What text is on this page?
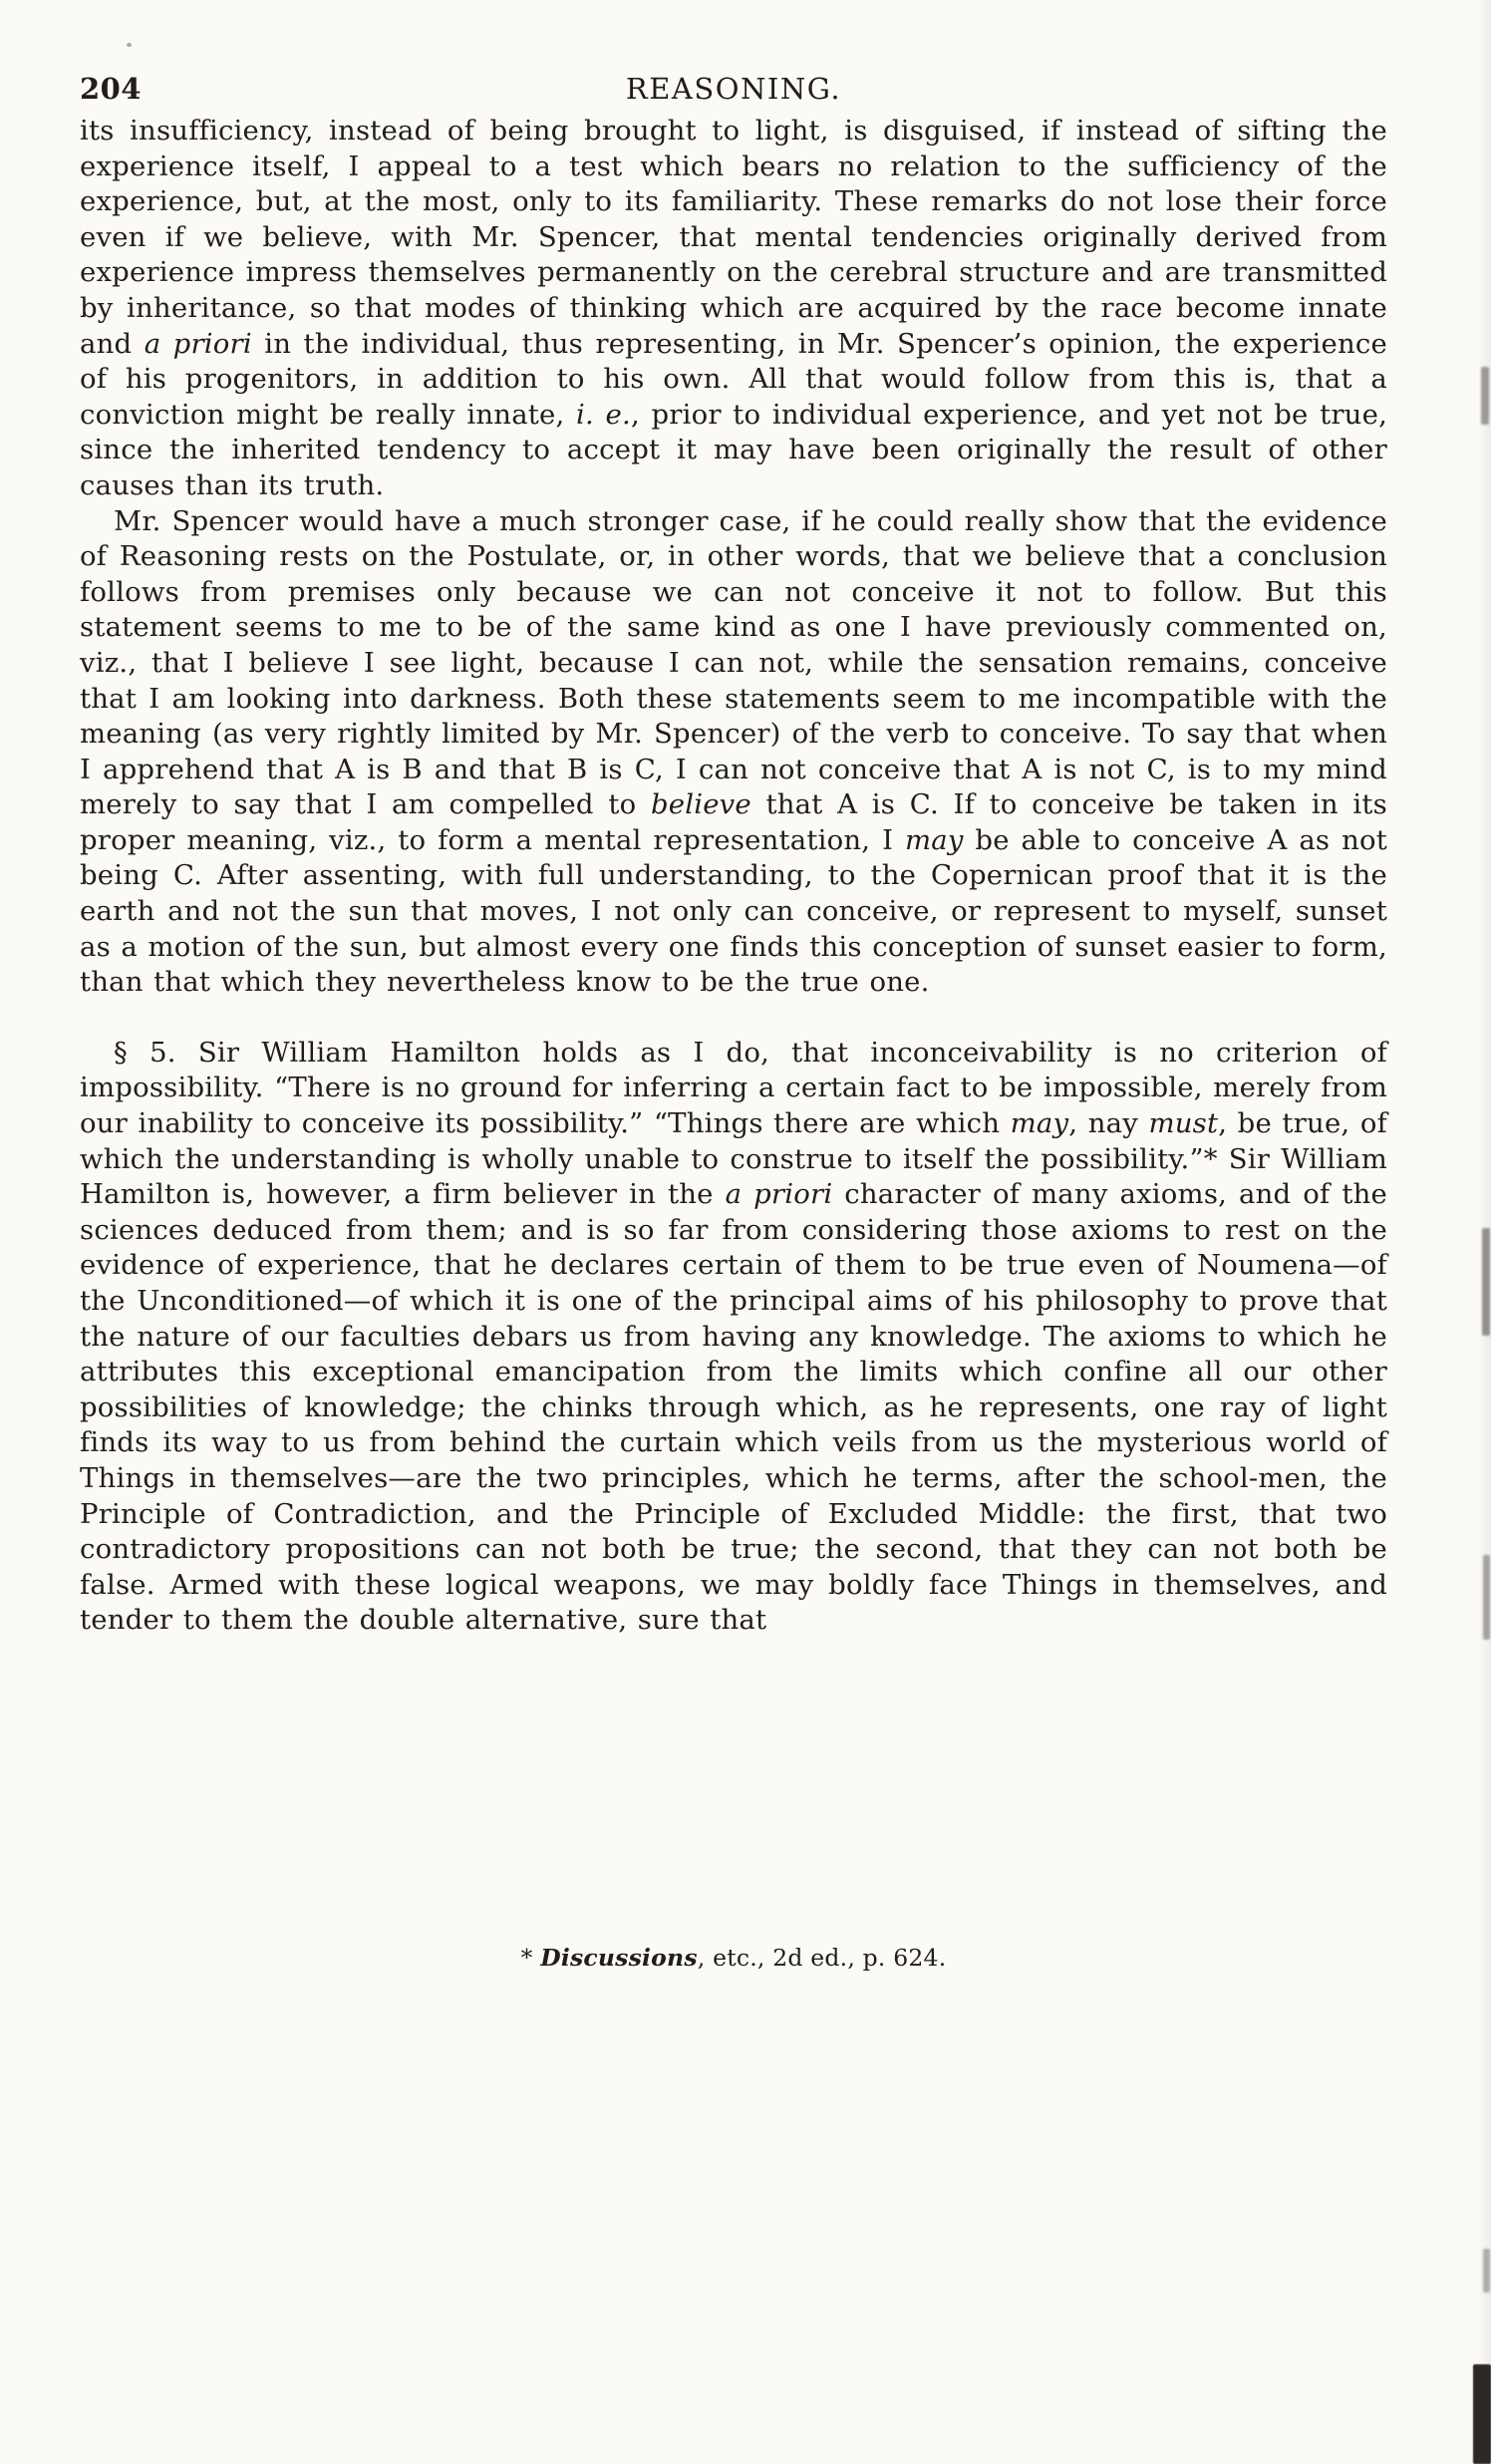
204	REASONING.

its insufficiency, instead of being brought to light, is disguised, if instead of sifting the experience itself, I appeal to a test which bears no relation to the sufficiency of the experience, but, at the most, only to its familiarity. These remarks do not lose their force even if we believe, with Mr. Spencer, that mental tendencies originally derived from experience impress themselves permanently on the cerebral structure and are transmitted by inheritance, so that modes of thinking which are acquired by the race become innate and a priori in the individual, thus representing, in Mr. Spencer’s opinion, the experience of his progenitors, in addition to his own. All that would follow from this is, that a conviction might be really innate, i. e., prior to individual experience, and yet not be true, since the inherited tendency to accept it may have been originally the result of other causes than its truth.

Mr. Spencer would have a much stronger case, if he could really show that the evidence of Reasoning rests on the Postulate, or, in other words, that we believe that a conclusion follows from premises only because we can not conceive it not to follow. But this statement seems to me to be of the same kind as one I have previously commented on, viz., that I believe I see light, because I can not, while the sensation remains, conceive that I am looking into darkness. Both these statements seem to me incompatible with the meaning (as very rightly limited by Mr. Spencer) of the verb to conceive. To say that when I apprehend that A is B and that B is C, I can not conceive that A is not C, is to my mind merely to say that I am compelled to believe that A is C. If to conceive be taken in its proper meaning, viz., to form a mental representation, I may be able to conceive A as not being C. After assenting, with full understanding, to the Copernican proof that it is the earth and not the sun that moves, I not only can conceive, or represent to myself, sunset as a motion of the sun, but almost every one finds this conception of sunset easier to form, than that which they nevertheless know to be the true one.

§ 5. Sir William Hamilton holds as I do, that inconceivability is no criterion of impossibility. “There is no ground for inferring a certain fact to be impossible, merely from our inability to conceive its possibility.” “Things there are which may, nay must, be true, of which the understanding is wholly unable to construe to itself the possibility.”* Sir William Hamilton is, however, a firm believer in the a priori character of many axioms, and of the sciences deduced from them; and is so far from considering those axioms to rest on the evidence of experience, that he declares certain of them to be true even of Noumena—of the Unconditioned—of which it is one of the principal aims of his philosophy to prove that the nature of our faculties debars us from having any knowledge. The axioms to which he attributes this exceptional emancipation from the limits which confine all our other possibilities of knowledge; the chinks through which, as he represents, one ray of light finds its way to us from behind the curtain which veils from us the mysterious world of Things in themselves—are the two principles, which he terms, after the school-men, the Principle of Contradiction, and the Principle of Excluded Middle: the first, that two contradictory propositions can not both be true; the second, that they can not both be false. Armed with these logical weapons, we may boldly face Things in themselves, and tender to them the double alternative, sure that

* Discussions, etc., 2d ed., p. 624.
